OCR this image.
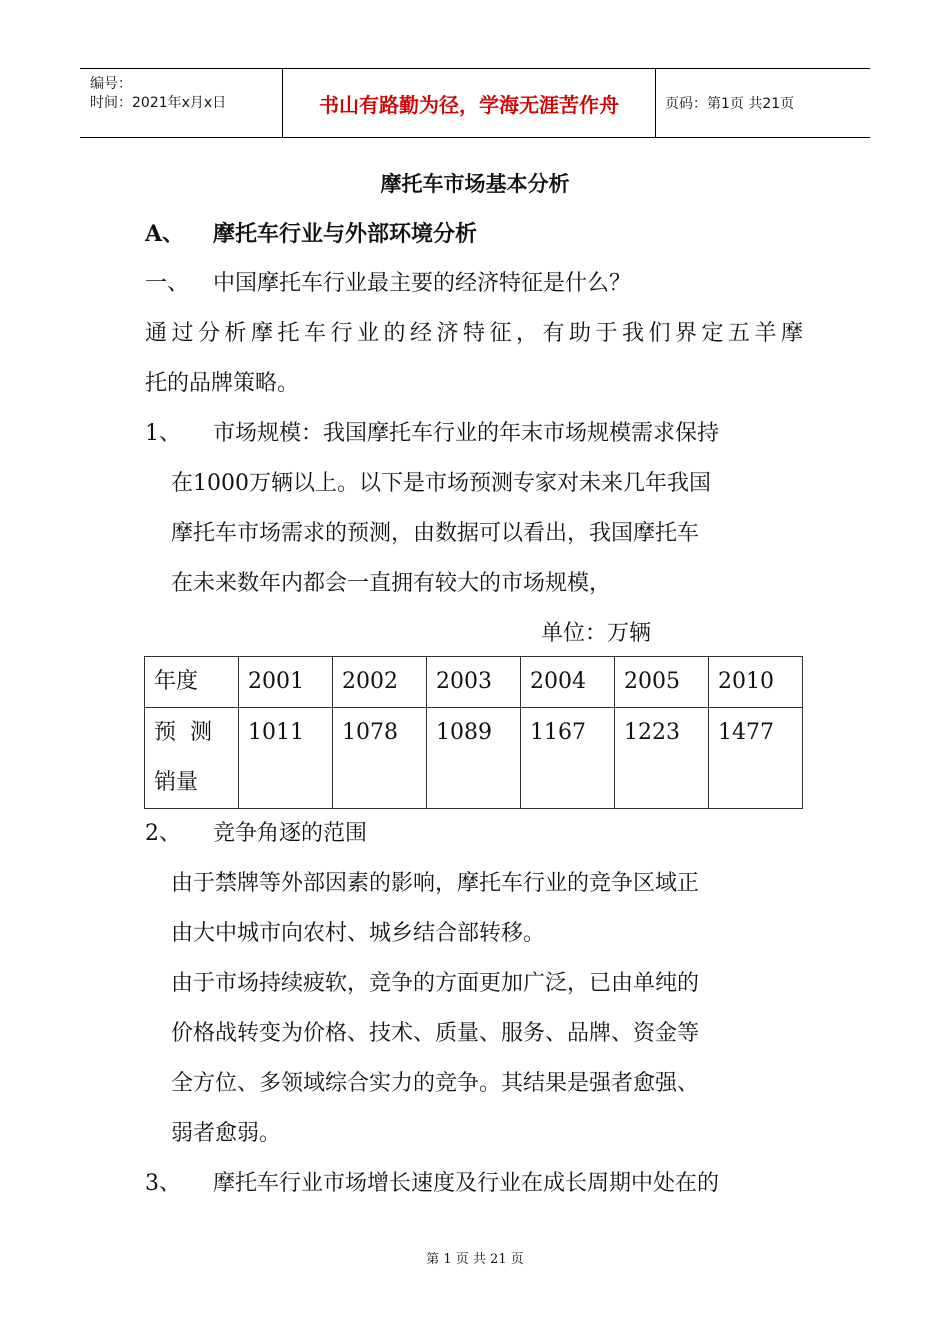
编号：
时间：2021年x月x日	书山有路勤为径，学海无涯苦作舟	页码：第1页 共21页
摩托车市场基本分析
A、 摩托车行业与外部环境分析
一、 中国摩托车行业最主要的经济特征是什么？
通过分析摩托车行业的经济特征，有助于我们界定五羊摩
托的品牌策略。
1、 市场规模：我国摩托车行业的年末市场规模需求保持
在1000万辆以上。以下是市场预测专家对未来几年我国
摩托车市场需求的预测，由数据可以看出，我国摩托车
在未来数年内都会一直拥有较大的市场规模，
单位：万辆
年度	2001	2002	2003	2004	2005	2010

预  测
销量	1011	1078	1089	1167	1223	1477
2、 竞争角逐的范围
由于禁牌等外部因素的影响，摩托车行业的竞争区域正
由大中城市向农村、城乡结合部转移。
由于市场持续疲软，竞争的方面更加广泛，已由单纯的
价格战转变为价格、技术、质量、服务、品牌、资金等
全方位、多领域综合实力的竞争。其结果是强者愈强、
弱者愈弱。
3、 摩托车行业市场增长速度及行业在成长周期中处在的
第 1 页 共 21 页
